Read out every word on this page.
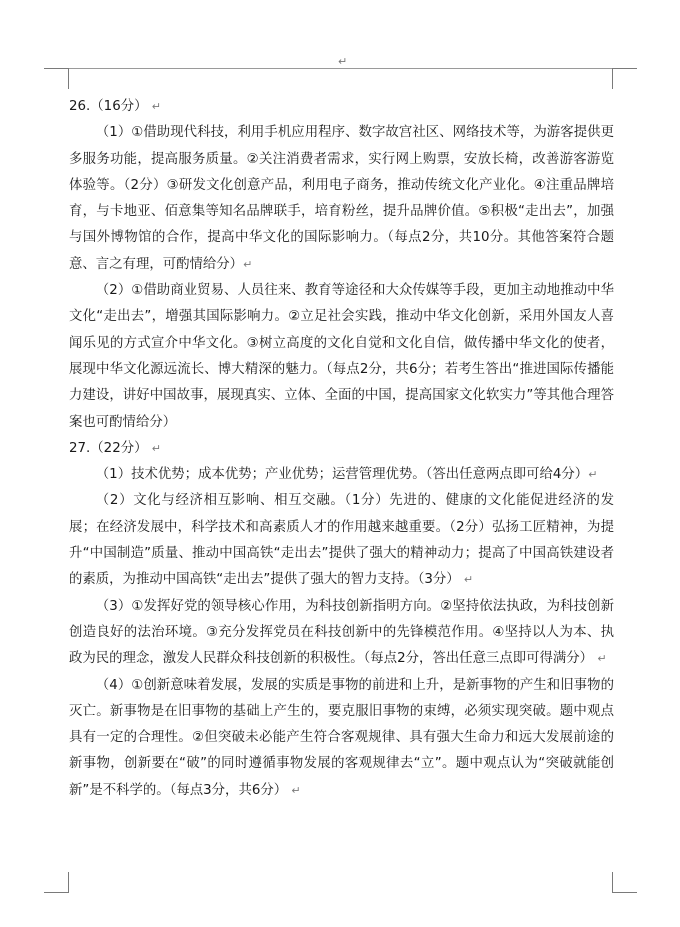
↵

26.（16分） ↵

（1）①借助现代科技，利用手机应用程序、数字故宫社区、网络技术等，为游客提供更多服务功能，提高服务质量。②关注消费者需求，实行网上购票，安放长椅，改善游客游览体验等。（2分）③研发文化创意产品，利用电子商务，推动传统文化产业化。④注重品牌培育，与卡地亚、佰意集等知名品牌联手，培育粉丝，提升品牌价值。⑤积极“走出去”，加强与国外博物馆的合作，提高中华文化的国际影响力。（每点2分，共10分。其他答案符合题意、言之有理，可酌情给分）↵

（2）①借助商业贸易、人员往来、教育等途径和大众传媒等手段，更加主动地推动中华文化“走出去”，增强其国际影响力。②立足社会实践，推动中华文化创新，采用外国友人喜闻乐见的方式宣介中华文化。③树立高度的文化自觉和文化自信，做传播中华文化的使者，展现中华文化源远流长、博大精深的魅力。（每点2分，共6分；若考生答出“推进国际传播能力建设，讲好中国故事，展现真实、立体、全面的中国，提高国家文化软实力”等其他合理答案也可酌情给分）

27.（22分） ↵

（1）技术优势；成本优势；产业优势；运营管理优势。（答出任意两点即可给4分）↵

（2）文化与经济相互影响、相互交融。（1分）先进的、健康的文化能促进经济的发展；在经济发展中，科学技术和高素质人才的作用越来越重要。（2分）弘扬工匠精神，为提升“中国制造”质量、推动中国高铁“走出去”提供了强大的精神动力；提高了中国高铁建设者的素质，为推动中国高铁“走出去”提供了强大的智力支持。（3分） ↵

（3）①发挥好党的领导核心作用，为科技创新指明方向。②坚持依法执政，为科技创新创造良好的法治环境。③充分发挥党员在科技创新中的先锋模范作用。④坚持以人为本、执政为民的理念，激发人民群众科技创新的积极性。（每点2分，答出任意三点即可得满分） ↵

（4）①创新意味着发展，发展的实质是事物的前进和上升，是新事物的产生和旧事物的灭亡。新事物是在旧事物的基础上产生的，要克服旧事物的束缚，必须实现突破。题中观点具有一定的合理性。②但突破未必能产生符合客观规律、具有强大生命力和远大发展前途的新事物，创新要在“破”的同时遵循事物发展的客观规律去“立”。题中观点认为“突破就能创新”是不科学的。（每点3分，共6分） ↵
